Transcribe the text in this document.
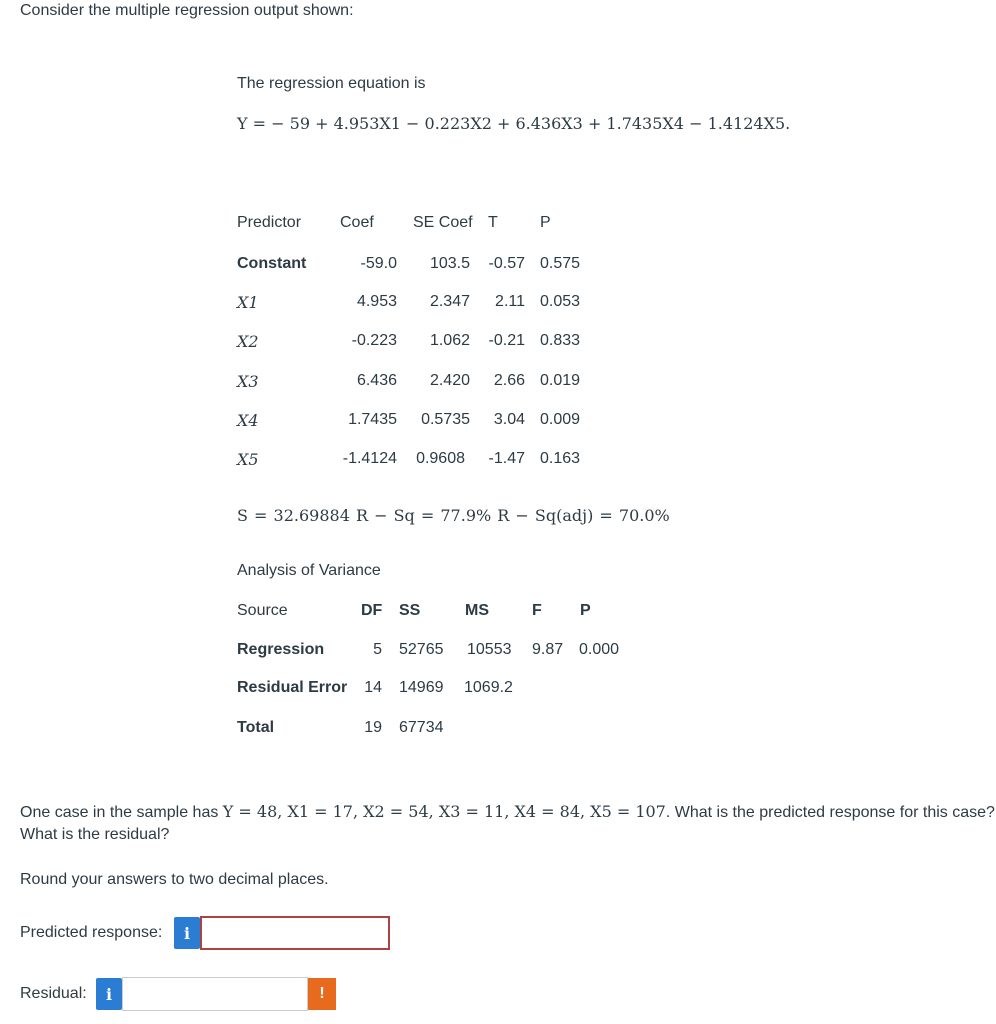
Consider the multiple regression output shown:
The regression equation is
Y = − 59 + 4.953X1 − 0.223X2 + 6.436X3 + 1.7435X4 − 1.4124X5.
Predictor Coef SE Coef T	P
Constant	-59.0	103.5	-0.57 0.575
X1	4.953	2.347	2.11 0.053
X2	-0.223	1.062	-0.21 0.833
X3	6.436	2.420	2.66 0.019
X4	1.7435	0.5735	3.04 0.009
X5	-1.4124	0.9608	-1.47 0.163
S = 32.69884 R − Sq = 77.9% R − Sq(adj) = 70.0%
Analysis of Variance
Source	DF SS	MS	F P
Regression	5 52765 10553 9.87 0.000
Residual Error	14 14969 1069.2
Total	19 67734
One case in the sample has Y = 48, X1 = 17, X2 = 54, X3 = 11, X4 = 84, X5 = 107. What is the predicted response for this case?
What is the residual?
Round your answers to two decimal places.
Predicted response:	i
Residual:	i	!
